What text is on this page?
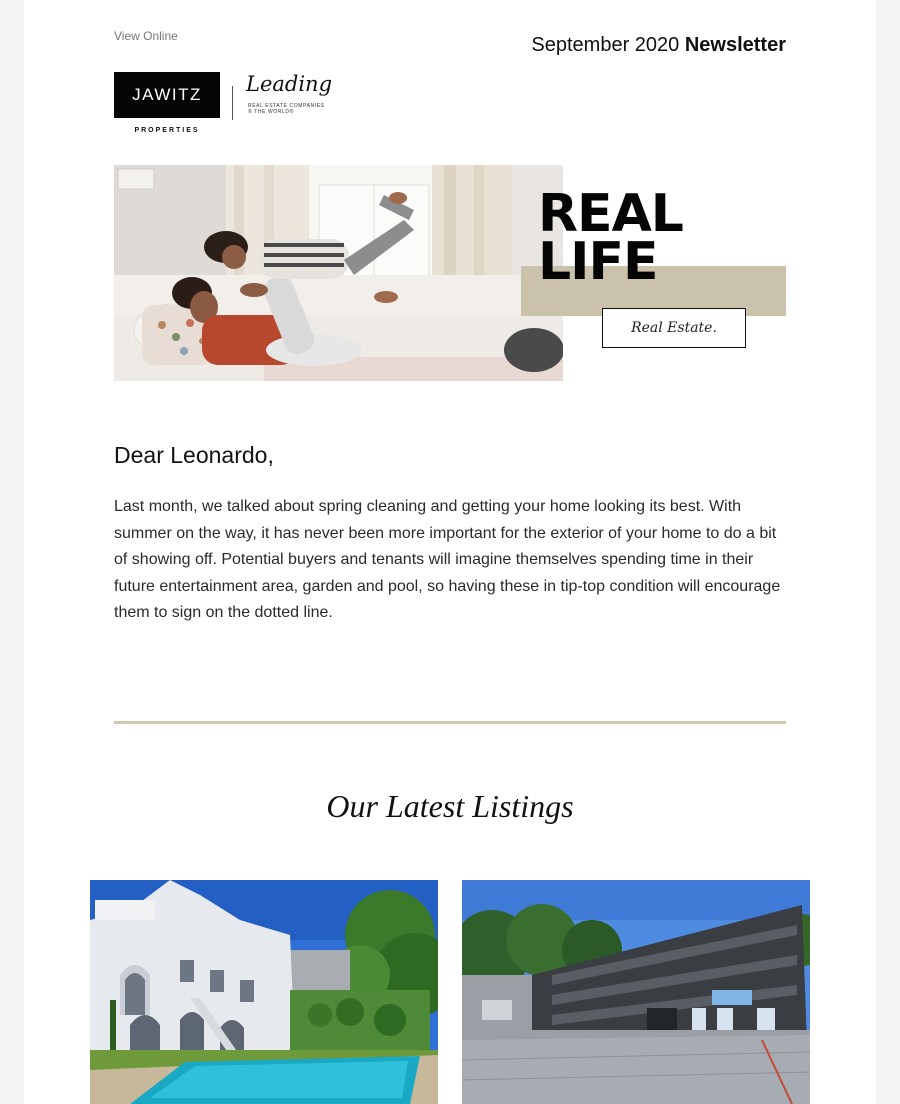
View Online	September 2020 Newsletter
JAWITZ
PROPERTIES
Leading
REAL ESTATE COMPANIES ® THE WORLD®
REAL
LIFE
Real Estate.
Dear Leonardo,

Last month, we talked about spring cleaning and getting your home looking its best. With summer on the way, it has never been more important for the exterior of your home to do a bit of showing off. Potential buyers and tenants will imagine themselves spending time in their future entertainment area, garden and pool, so having these in tip-top condition will encourage them to sign on the dotted line.

Our Latest Listings
